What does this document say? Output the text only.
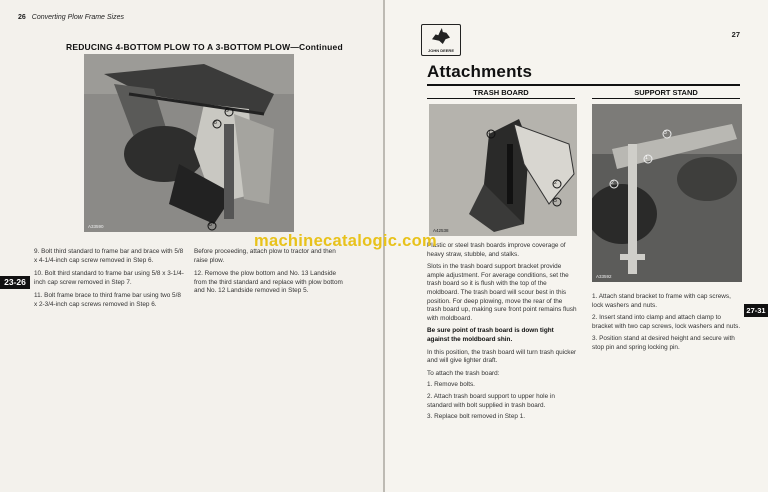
26 Converting Plow Frame Sizes
REDUCING 4-BOTTOM PLOW TO A 3-BOTTOM PLOW—Continued
A33590
9
8
8

9. Bolt third standard to frame bar and brace with 5/8 x 4-1/4-inch cap screw removed in Step 6.

10. Bolt third standard to frame bar using 5/8 x 3-1/4-inch cap screw removed in Step 7.

11. Bolt frame brace to third frame bar using two 5/8 x 2-3/4-inch cap screws removed in Step 6.

Before proceeding, attach plow to tractor and then raise plow.

12. Remove the plow bottom and No. 13 Landside from the third standard and replace with plow bottom and No. 12 Landside removed in Step 5.

23-26
JOHN DEERE
27
Attachments
TRASH BOARD	SUPPORT STAND
A42538
1
2
3
A33592
1
2
3

Plastic or steel trash boards improve coverage of heavy straw, stubble, and stalks.

Slots in the trash board support bracket provide ample adjustment. For average conditions, set the trash board so it is flush with the top of the moldboard. The trash board will scour best in this position. For deep plowing, move the rear of the trash board up, making sure front point remains flush with moldboard.

Be sure point of trash board is down tight against the moldboard shin.

In this position, the trash board will turn trash quicker and will give lighter draft.

To attach the trash board:

1. Remove bolts.

2. Attach trash board support to upper hole in standard with bolt supplied in trash board.

3. Replace bolt removed in Step 1.

1. Attach stand bracket to frame with cap screws, lock washers and nuts.

2. Insert stand into clamp and attach clamp to bracket with two cap screws, lock washers and nuts.

3. Position stand at desired height and secure with stop pin and spring locking pin.

27-31
machinecatalogic.com
